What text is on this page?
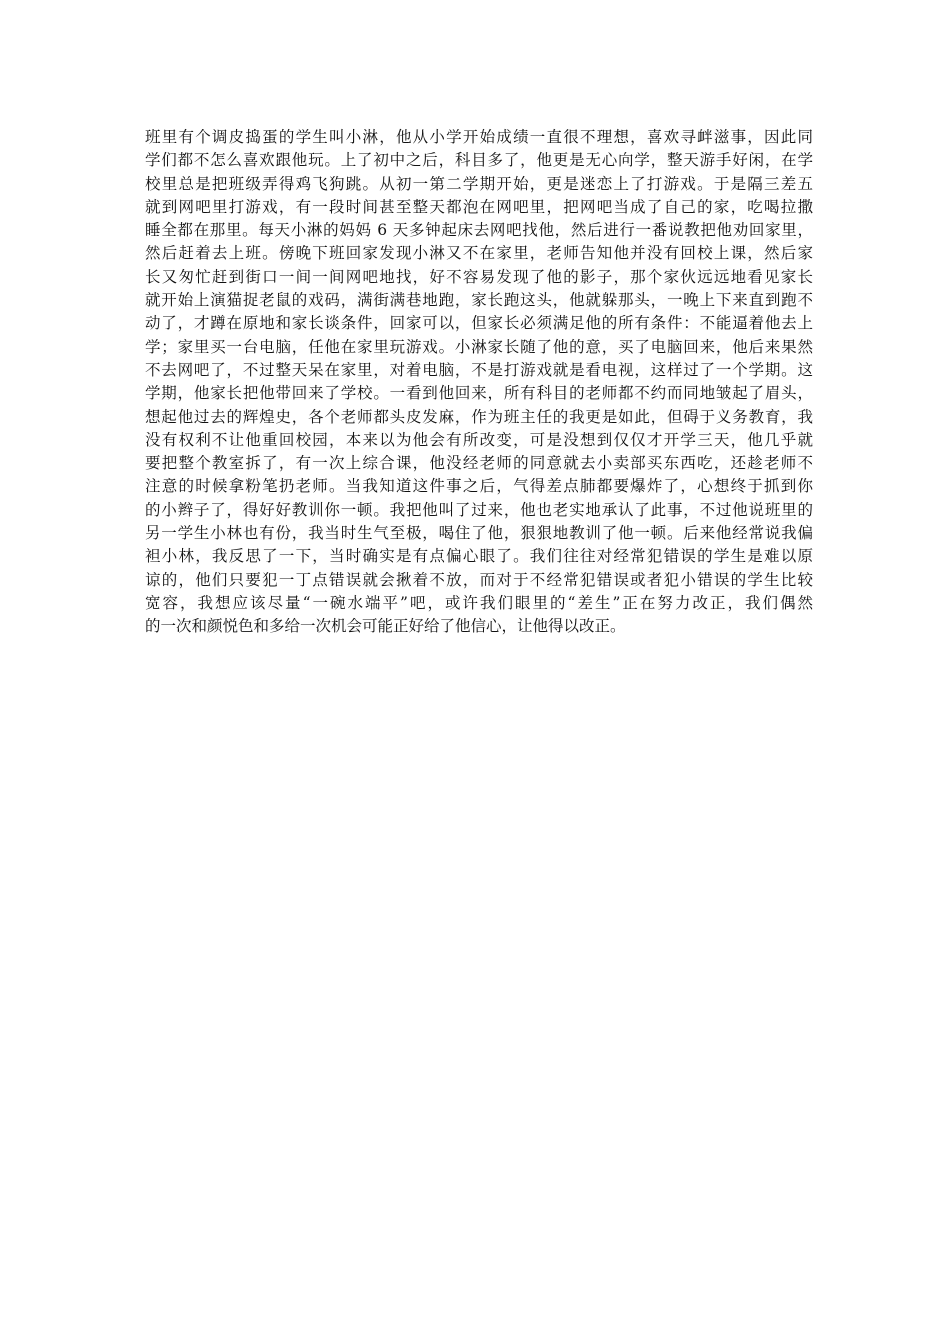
班里有个调皮捣蛋的学生叫小淋，他从小学开始成绩一直很不理想，喜欢寻衅滋事，因此同
学们都不怎么喜欢跟他玩。上了初中之后，科目多了，他更是无心向学，整天游手好闲，在学
校里总是把班级弄得鸡飞狗跳。从初一第二学期开始，更是迷恋上了打游戏。于是隔三差五
就到网吧里打游戏，有一段时间甚至整天都泡在网吧里，把网吧当成了自己的家，吃喝拉撒
睡全都在那里。每天小淋的妈妈 6 天多钟起床去网吧找他，然后进行一番说教把他劝回家里，
然后赶着去上班。傍晚下班回家发现小淋又不在家里，老师告知他并没有回校上课，然后家
长又匆忙赶到街口一间一间网吧地找，好不容易发现了他的影子，那个家伙远远地看见家长
就开始上演猫捉老鼠的戏码，满街满巷地跑，家长跑这头，他就躲那头，一晚上下来直到跑不
动了，才蹲在原地和家长谈条件，回家可以，但家长必须满足他的所有条件：不能逼着他去上
学；家里买一台电脑，任他在家里玩游戏。小淋家长随了他的意，买了电脑回来，他后来果然
不去网吧了，不过整天呆在家里，对着电脑，不是打游戏就是看电视，这样过了一个学期。这
学期，他家长把他带回来了学校。一看到他回来，所有科目的老师都不约而同地皱起了眉头，
想起他过去的辉煌史，各个老师都头皮发麻，作为班主任的我更是如此，但碍于义务教育，我
没有权利不让他重回校园，本来以为他会有所改变，可是没想到仅仅才开学三天，他几乎就
要把整个教室拆了，有一次上综合课，他没经老师的同意就去小卖部买东西吃，还趁老师不
注意的时候拿粉笔扔老师。当我知道这件事之后，气得差点肺都要爆炸了，心想终于抓到你
的小辫子了，得好好教训你一顿。我把他叫了过来，他也老实地承认了此事，不过他说班里的
另一学生小林也有份，我当时生气至极，喝住了他，狠狠地教训了他一顿。后来他经常说我偏
袒小林，我反思了一下，当时确实是有点偏心眼了。我们往往对经常犯错误的学生是难以原
谅的，他们只要犯一丁点错误就会揪着不放，而对于不经常犯错误或者犯小错误的学生比较
宽容，我想应该尽量“一碗水端平”吧，或许我们眼里的“差生”正在努力改正，我们偶然
的一次和颜悦色和多给一次机会可能正好给了他信心，让他得以改正。
